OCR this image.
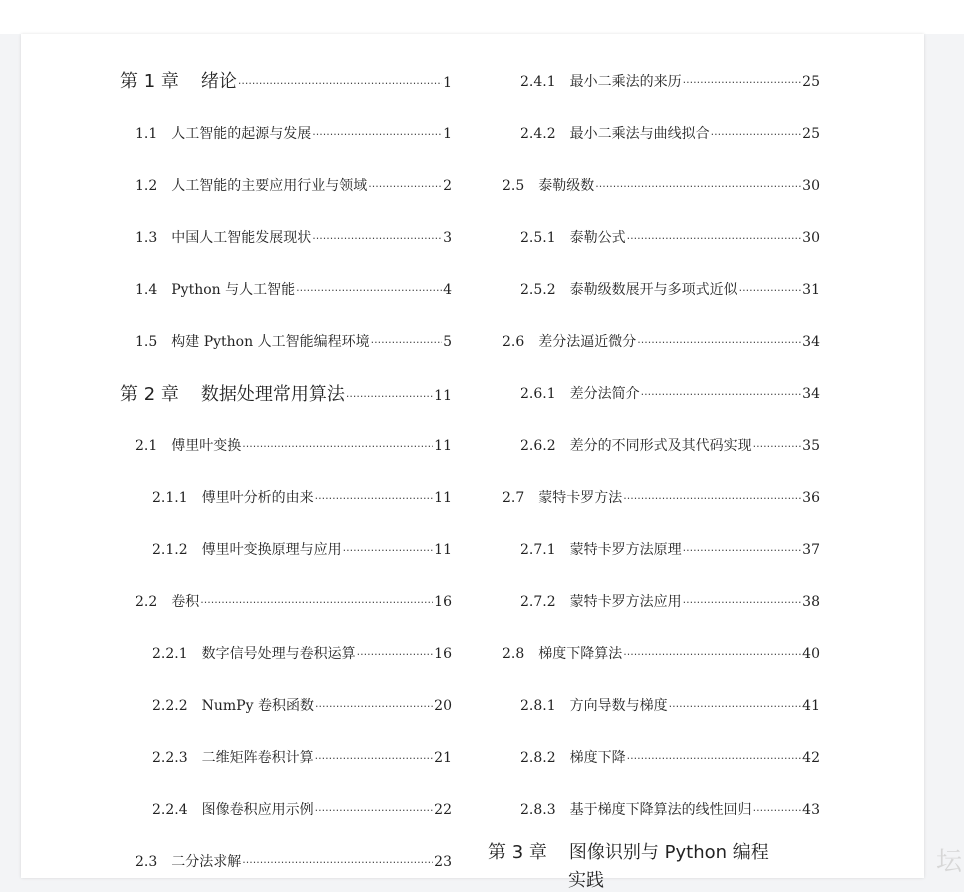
第 1 章 绪论 ·····	1
1.1 人工智能的起源与发展 ·····	1
1.2 人工智能的主要应用行业与领域 ·····	2
1.3 中国人工智能发展现状 ·····	3
1.4 Python 与人工智能 ·····	4
1.5 构建 Python 人工智能编程环境 ·····	5
第 2 章 数据处理常用算法 ·····	11
2.1 傅里叶变换 ·····	11
2.1.1 傅里叶分析的由来 ·····	11
2.1.2 傅里叶变换原理与应用 ·····	11
2.2 卷积 ·····	16
2.2.1 数字信号处理与卷积运算 ·····	16
2.2.2 NumPy 卷积函数 ·····	20
2.2.3 二维矩阵卷积计算 ·····	21
2.2.4 图像卷积应用示例 ·····	22
2.3 二分法求解 ·····	23
2.4.1 最小二乘法的来历 ·····	25
2.4.2 最小二乘法与曲线拟合 ·····	25
2.5 泰勒级数 ·····	30
2.5.1 泰勒公式 ·····	30
2.5.2 泰勒级数展开与多项式近似 ·····	31
2.6 差分法逼近微分 ·····	34
2.6.1 差分法简介 ·····	34
2.6.2 差分的不同形式及其代码实现 ·····	35
2.7 蒙特卡罗方法 ·····	36
2.7.1 蒙特卡罗方法原理 ·····	37
2.7.2 蒙特卡罗方法应用 ·····	38
2.8 梯度下降算法 ·····	40
2.8.1 方向导数与梯度 ·····	41
2.8.2 梯度下降 ·····	42
2.8.3 基于梯度下降算法的线性回归 ·····	43
第 3 章 图像识别与 Python 编程
实践
坛
